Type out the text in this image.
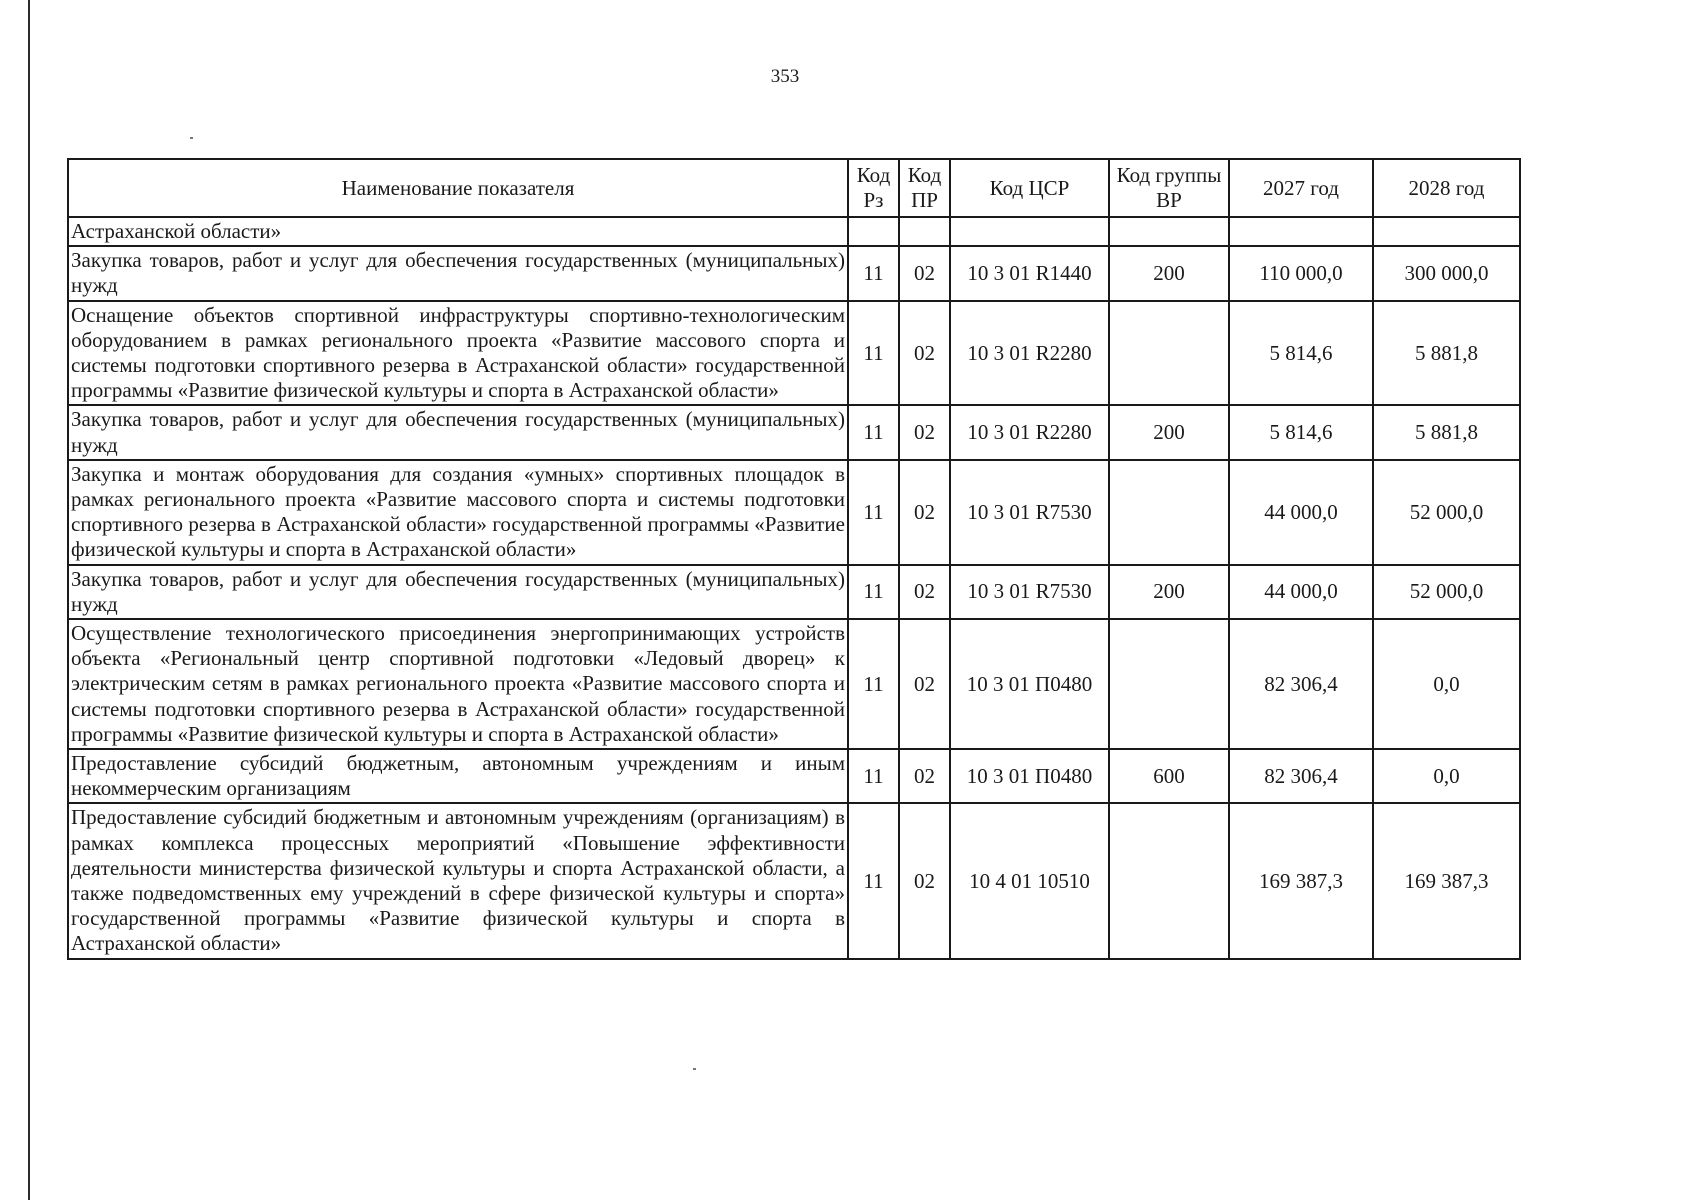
353
Наименование показателя	Код Рз	Код ПР	Код ЦСР	Код группы ВР	2027 год	2028 год
Астраханской области»						
Закупка товаров, работ и услуг для обеспечения государственных (муниципальных) нужд	11	02	10 3 01 R1440	200	110 000,0	300 000,0
Оснащение объектов спортивной инфраструктуры спортивно-технологическим оборудованием в рамках регионального проекта «Развитие массового спорта и системы подготовки спортивного резерва в Астраханской области» государственной программы «Развитие физической культуры и спорта в Астраханской области»	11	02	10 3 01 R2280		5 814,6	5 881,8
Закупка товаров, работ и услуг для обеспечения государственных (муниципальных) нужд	11	02	10 3 01 R2280	200	5 814,6	5 881,8
Закупка и монтаж оборудования для создания «умных» спортивных площадок в рамках регионального проекта «Развитие массового спорта и системы подготовки спортивного резерва в Астраханской области» государственной программы «Развитие физической культуры и спорта в Астраханской области»	11	02	10 3 01 R7530		44 000,0	52 000,0
Закупка товаров, работ и услуг для обеспечения государственных (муниципальных) нужд	11	02	10 3 01 R7530	200	44 000,0	52 000,0
Осуществление технологического присоединения энергопринимающих устройств объекта «Региональный центр спортивной подготовки «Ледовый дворец» к электрическим сетям в рамках регионального проекта «Развитие массового спорта и системы подготовки спортивного резерва в Астраханской области» государственной программы «Развитие физической культуры и спорта в Астраханской области»	11	02	10 3 01 П0480		82 306,4	0,0
Предоставление субсидий бюджетным, автономным учреждениям и иным некоммерческим организациям	11	02	10 3 01 П0480	600	82 306,4	0,0
Предоставление субсидий бюджетным и автономным учреждениям (организациям) в рамках комплекса процессных мероприятий «Повышение эффективности деятельности министерства физической культуры и спорта Астраханской области, а также подведомственных ему учреждений в сфере физической культуры и спорта» государственной программы «Развитие физической культуры и спорта в Астраханской области»	11	02	10 4 01 10510		169 387,3	169 387,3
